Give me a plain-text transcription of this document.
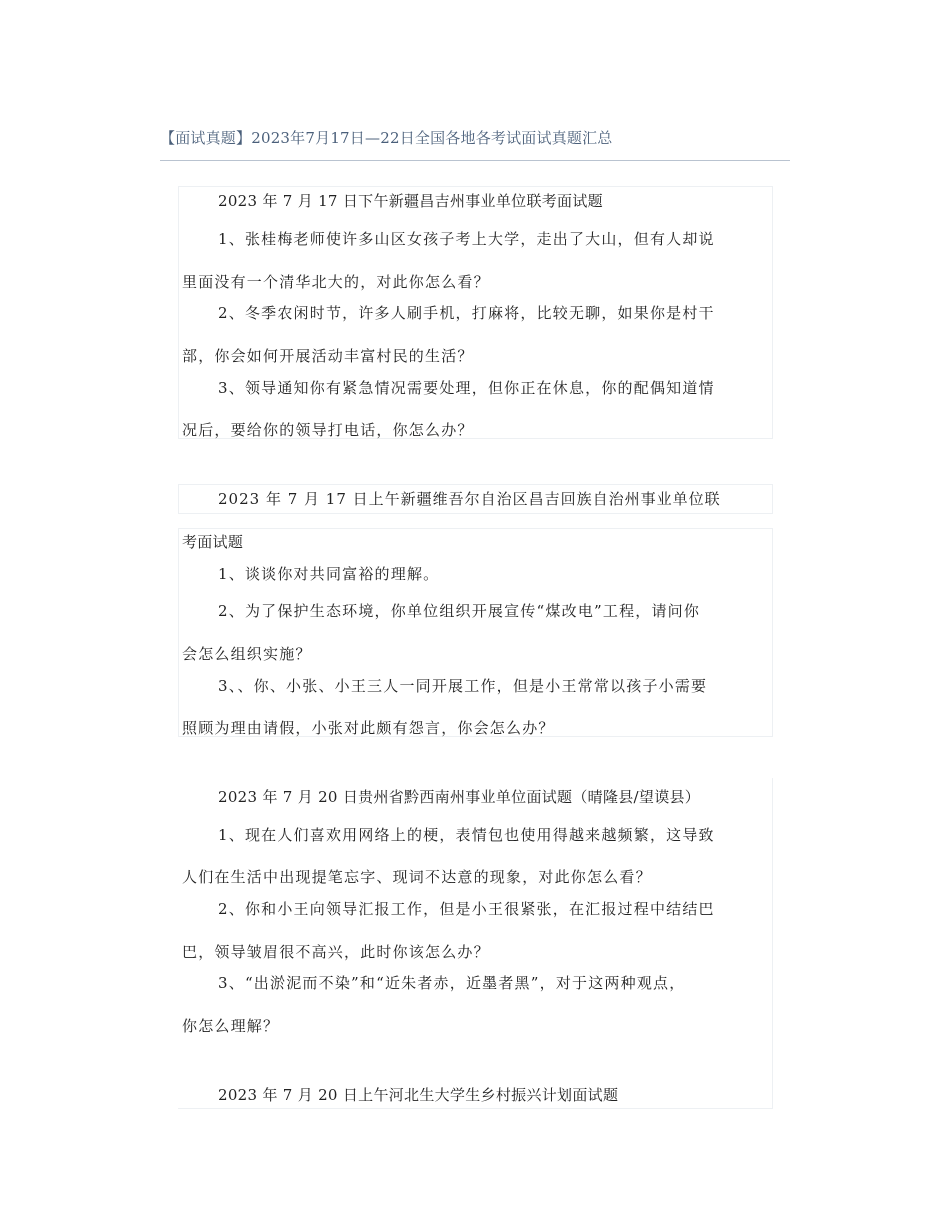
【面试真题】2023年7月17日—22日全国各地各考试面试真题汇总
2023 年 7 月 17 日下午新疆昌吉州事业单位联考面试题
1、张桂梅老师使许多山区女孩子考上大学，走出了大山，但有人却说
里面没有一个清华北大的，对此你怎么看？
2、冬季农闲时节，许多人刷手机，打麻将，比较无聊，如果你是村干
部，你会如何开展活动丰富村民的生活？
3、领导通知你有紧急情况需要处理，但你正在休息，你的配偶知道情
况后，要给你的领导打电话，你怎么办？
2023 年 7 月 17 日上午新疆维吾尔自治区昌吉回族自治州事业单位联
考面试题
1、谈谈你对共同富裕的理解。
2、为了保护生态环境，你单位组织开展宣传“煤改电”工程，请问你
会怎么组织实施？
3、、你、小张、小王三人一同开展工作，但是小王常常以孩子小需要
照顾为理由请假，小张对此颇有怨言，你会怎么办？
2023 年 7 月 20 日贵州省黔西南州事业单位面试题（晴隆县/望谟县）
1、现在人们喜欢用网络上的梗，表情包也使用得越来越频繁，这导致
人们在生活中出现提笔忘字、现词不达意的现象，对此你怎么看？
2、你和小王向领导汇报工作，但是小王很紧张，在汇报过程中结结巴
巴，领导皱眉很不高兴，此时你该怎么办？
3、“出淤泥而不染”和“近朱者赤，近墨者黑”，对于这两种观点，
你怎么理解？
2023 年 7 月 20 日上午河北生大学生乡村振兴计划面试题
